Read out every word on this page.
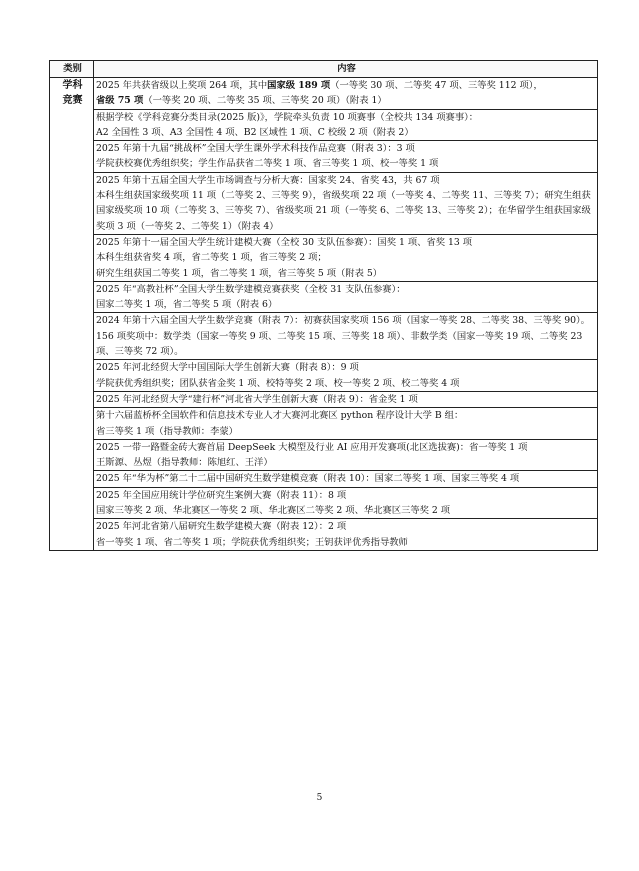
类别	内容
学科
竞赛	2025 年共获省级以上奖项 264 项，其中国家级 189 项（一等奖 30 项、二等奖 47 项、三等奖 112 项），
省级 75 项（一等奖 20 项、二等奖 35 项、三等奖 20 项）（附表 1）

	根据学校《学科竞赛分类目录(2025 版)》，学院牵头负责 10 项赛事（全校共 134 项赛事）：
A2 全国性 3 项、A3 全国性 4 项、B2 区域性 1 项、C 校级 2 项（附表 2）

	2025 年第十九届“挑战杯”全国大学生课外学术科技作品竞赛（附表 3）：3 项
学院获校赛优秀组织奖；学生作品获省二等奖 1 项、省三等奖 1 项、校一等奖 1 项

	2025 年第十五届全国大学生市场调查与分析大赛：国家奖 24、省奖 43，共 67 项
本科生组获国家级奖项 11 项（二等奖 2、三等奖 9），省级奖项 22 项（一等奖 4、二等奖 11、三等奖 7）；研究生组获国家级奖项 10 项（二等奖 3、三等奖 7）、省级奖项 21 项（一等奖 6、二等奖 13、三等奖 2）；在华留学生组获国家级奖项 3 项（一等奖 2、二等奖 1）（附表 4）

	2025 年第十一届全国大学生统计建模大赛（全校 30 支队伍参赛）：国奖 1 项、省奖 13 项
本科生组获省奖 4 项，省二等奖 1 项，省三等奖 2 项；
研究生组获国二等奖 1 项，省二等奖 1 项，省三等奖 5 项（附表 5）

	2025 年“高教社杯”全国大学生数学建模竞赛获奖（全校 31 支队伍参赛）：
国家二等奖 1 项，省二等奖 5 项（附表 6）

	2024 年第十六届全国大学生数学竞赛（附表 7）：初赛获国家奖项 156 项（国家一等奖 28、二等奖 38、三等奖 90）。156 项奖项中：数学类（国家一等奖 9 项、二等奖 15 项、三等奖 18 项）、非数学类（国家一等奖 19 项、二等奖 23 项、三等奖 72 项）。

	2025 年河北经贸大学中国国际大学生创新大赛（附表 8）：9 项
学院获优秀组织奖；团队获省金奖 1 项、校特等奖 2 项、校一等奖 2 项、校二等奖 4 项

	2025 年河北经贸大学“建行杯”河北省大学生创新大赛（附表 9）：省金奖 1 项

	第十六届蓝桥杯全国软件和信息技术专业人才大赛河北赛区 python 程序设计大学 B 组：
省三等奖 1 项（指导教师：李蒙）

	2025 一带一路暨金砖大赛首届 DeepSeek 大模型及行业 AI 应用开发赛项(北区选拔赛)：省一等奖 1 项
王斯源、丛煜（指导教师：陈旭红、王洋）

	2025 年“华为杯”第二十二届中国研究生数学建模竞赛（附表 10）：国家二等奖 1 项、国家三等奖 4 项

	2025 年全国应用统计学位研究生案例大赛（附表 11）：8 项
国家三等奖 2 项、华北赛区一等奖 2 项、华北赛区二等奖 2 项、华北赛区三等奖 2 项

	2025 年河北省第八届研究生数学建模大赛（附表 12）：2 项
省一等奖 1 项、省二等奖 1 项；学院获优秀组织奖；王钥获评优秀指导教师
5
